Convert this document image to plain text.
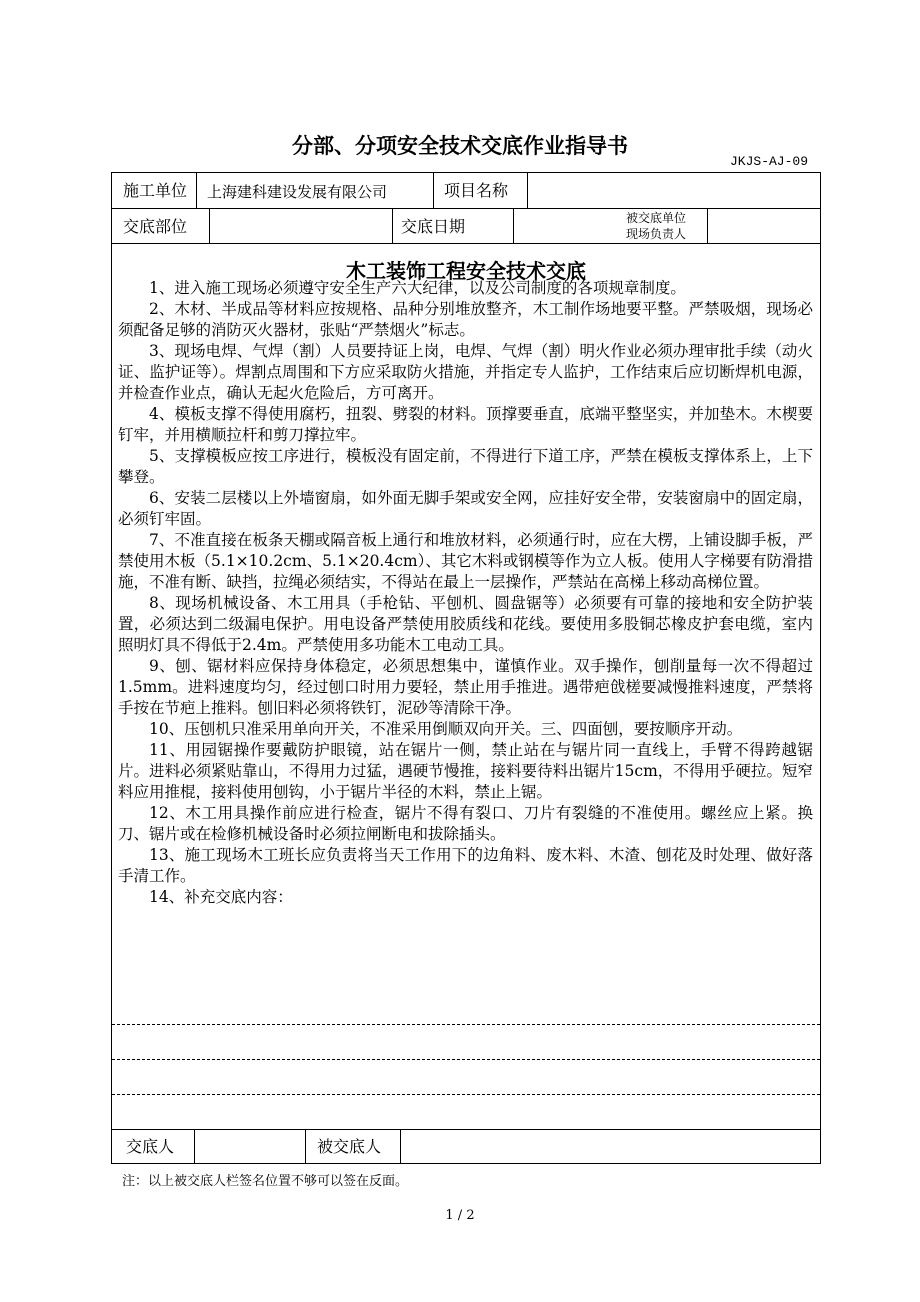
分部、分项安全技术交底作业指导书
JKJS-AJ-09
施工单位 上海建科建设发展有限公司	项目名称
交底部位	交底日期	被交底单位
现场负责人
木工装饰工程安全技术交底

1、进入施工现场必须遵守安全生产六大纪律，以及公司制度的各项规章制度。

2、木材、半成品等材料应按规格、品种分别堆放整齐，木工制作场地要平整。严禁吸烟，现场必须配备足够的消防灭火器材，张贴“严禁烟火”标志。

3、现场电焊、气焊（割）人员要持证上岗，电焊、气焊（割）明火作业必须办理审批手续（动火证、监护证等）。焊割点周围和下方应采取防火措施，并指定专人监护，工作结束后应切断焊机电源，并检查作业点，确认无起火危险后，方可离开。

4、模板支撑不得使用腐朽，扭裂、劈裂的材料。顶撑要垂直，底端平整坚实，并加垫木。木楔要钉牢，并用横顺拉杆和剪刀撑拉牢。

5、支撑模板应按工序进行，模板没有固定前，不得进行下道工序，严禁在模板支撑体系上，上下攀登。

6、安装二层楼以上外墙窗扇，如外面无脚手架或安全网，应挂好安全带，安装窗扇中的固定扇，必须钉牢固。

7、不准直接在板条天棚或隔音板上通行和堆放材料，必须通行时，应在大楞，上铺设脚手板，严禁使用木板（5.1×10.2cm、5.1×20.4cm）、其它木料或钢模等作为立人板。使用人字梯要有防滑措施，不准有断、缺挡，拉绳必须结实，不得站在最上一层操作，严禁站在高梯上移动高梯位置。

8、现场机械设备、木工用具（手枪钻、平刨机、圆盘锯等）必须要有可靠的接地和安全防护装置，必须达到二级漏电保护。用电设备严禁使用胶质线和花线。要使用多股铜芯橡皮护套电缆，室内照明灯具不得低于2.4m。严禁使用多功能木工电动工具。

9、刨、锯材料应保持身体稳定，必须思想集中，谨慎作业。双手操作，刨削量每一次不得超过1.5mm。进料速度均匀，经过刨口时用力要轻，禁止用手推进。遇带疤戗槎要减慢推料速度，严禁将手按在节疤上推料。刨旧料必须将铁钉，泥砂等清除干净。

10、压刨机只准采用单向开关，不准采用倒顺双向开关。三、四面刨，要按顺序开动。

11、用园锯操作要戴防护眼镜，站在锯片一侧，禁止站在与锯片同一直线上，手臂不得跨越锯片。进料必须紧贴靠山，不得用力过猛，遇硬节慢推，接料要待料出锯片15cm，不得用乎硬拉。短窄料应用推棍，接料使用刨钩，小于锯片半径的木料，禁止上锯。

12、木工用具操作前应进行检查，锯片不得有裂口、刀片有裂缝的不准使用。螺丝应上紧。换刀、锯片或在检修机械设备时必须拉闸断电和拔除插头。

13、施工现场木工班长应负责将当天工作用下的边角料、废木料、木渣、刨花及时处理、做好落手清工作。

14、补充交底内容：

交底人	被交底人
注：以上被交底人栏签名位置不够可以签在反面。
1 / 2
